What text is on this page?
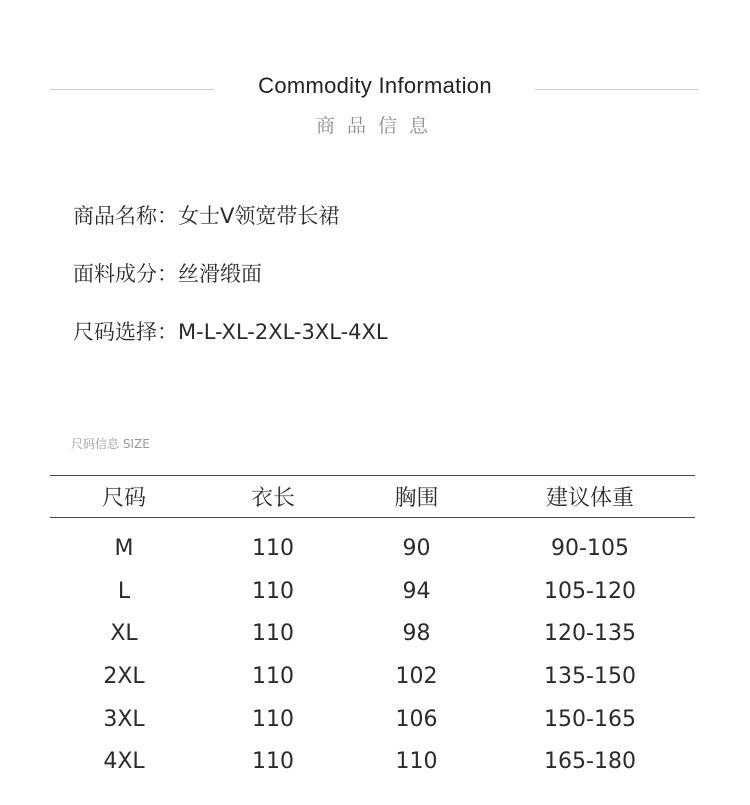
Commodity Information
商品信息
商品名称：女士V领宽带长裙
面料成分：丝滑缎面
尺码选择：M-L-XL-2XL-3XL-4XL
尺码信息 SIZE
尺码	衣长	胸围	建议体重
M	110	90	90-105
L	110	94	105-120
XL	110	98	120-135
2XL	110	102	135-150
3XL	110	106	150-165
4XL	110	110	165-180
